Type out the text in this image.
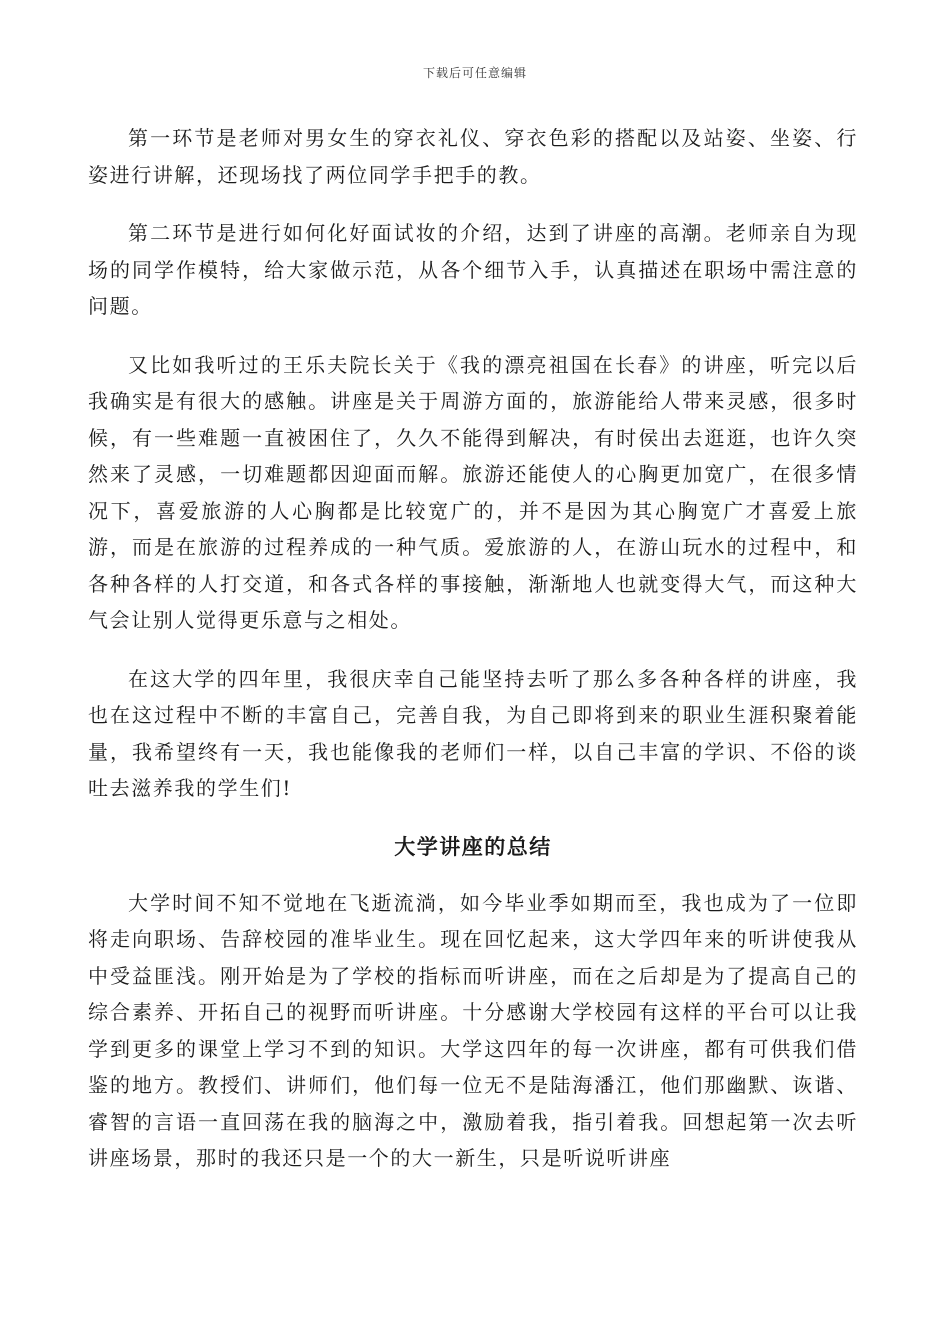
下载后可任意编辑

第一环节是老师对男女生的穿衣礼仪、穿衣色彩的搭配以及站姿、坐姿、行姿进行讲解，还现场找了两位同学手把手的教。

第二环节是进行如何化好面试妆的介绍，达到了讲座的高潮。老师亲自为现场的同学作模特，给大家做示范，从各个细节入手，认真描述在职场中需注意的问题。

又比如我听过的王乐夫院长关于《我的漂亮祖国在长春》的讲座，听完以后我确实是有很大的感触。讲座是关于周游方面的，旅游能给人带来灵感，很多时候，有一些难题一直被困住了，久久不能得到解决，有时侯出去逛逛，也许久突然来了灵感，一切难题都因迎面而解。旅游还能使人的心胸更加宽广，在很多情况下，喜爱旅游的人心胸都是比较宽广的，并不是因为其心胸宽广才喜爱上旅游，而是在旅游的过程养成的一种气质。爱旅游的人，在游山玩水的过程中，和各种各样的人打交道，和各式各样的事接触，渐渐地人也就变得大气，而这种大气会让别人觉得更乐意与之相处。

在这大学的四年里，我很庆幸自己能坚持去听了那么多各种各样的讲座，我也在这过程中不断的丰富自己，完善自我，为自己即将到来的职业生涯积聚着能量，我希望终有一天，我也能像我的老师们一样，以自己丰富的学识、不俗的谈吐去滋养我的学生们!

大学讲座的总结

大学时间不知不觉地在飞逝流淌，如今毕业季如期而至，我也成为了一位即将走向职场、告辞校园的准毕业生。现在回忆起来，这大学四年来的听讲使我从中受益匪浅。刚开始是为了学校的指标而听讲座，而在之后却是为了提高自己的综合素养、开拓自己的视野而听讲座。十分感谢大学校园有这样的平台可以让我学到更多的课堂上学习不到的知识。大学这四年的每一次讲座，都有可供我们借鉴的地方。教授们、讲师们，他们每一位无不是陆海潘江，他们那幽默、诙谐、睿智的言语一直回荡在我的脑海之中，激励着我，指引着我。回想起第一次去听讲座场景，那时的我还只是一个的大一新生，只是听说听讲座
